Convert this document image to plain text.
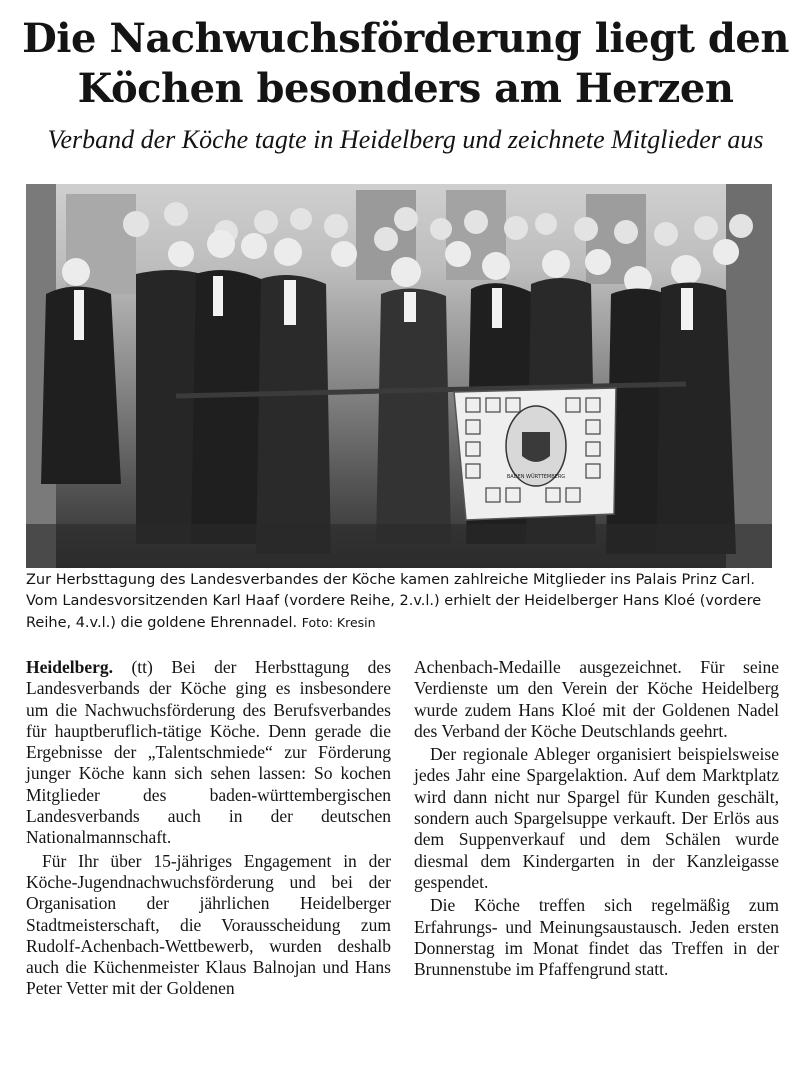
Die Nachwuchsförderung liegt den
Köchen besonders am Herzen

Verband der Köche tagte in Heidelberg und zeichnete Mitglieder aus

BADEN WÜRTTEMBERG

Zur Herbsttagung des Landesverbandes der Köche kamen zahlreiche Mitglieder ins Palais Prinz Carl. Vom Landesvorsitzenden Karl Haaf (vordere Reihe, 2.v.l.) erhielt der Heidelberger Hans Kloé (vordere Reihe, 4.v.l.) die goldene Ehrennadel. Foto: Kresin

Heidelberg. (tt) Bei der Herbsttagung des Landesverbands der Köche ging es insbesondere um die Nachwuchsförderung des Berufsverbandes für hauptberuflich-tätige Köche. Denn gerade die Ergebnisse der „Talentschmiede“ zur Förderung junger Köche kann sich sehen lassen: So kochen Mitglieder des baden-württembergischen Landesverbands auch in der deutschen Nationalmannschaft.

Für Ihr über 15-jähriges Engagement in der Köche-Jugendnachwuchsförderung und bei der Organisation der jährlichen Heidelberger Stadtmeisterschaft, die Vorausscheidung zum Rudolf-Achenbach-Wettbewerb, wurden deshalb auch die Küchenmeister Klaus Balnojan und Hans Peter Vetter mit der Goldenen

Achenbach-Medaille ausgezeichnet. Für seine Verdienste um den Verein der Köche Heidelberg wurde zudem Hans Kloé mit der Goldenen Nadel des Verband der Köche Deutschlands geehrt.

Der regionale Ableger organisiert beispielsweise jedes Jahr eine Spargelaktion. Auf dem Marktplatz wird dann nicht nur Spargel für Kunden geschält, sondern auch Spargelsuppe verkauft. Der Erlös aus dem Suppenverkauf und dem Schälen wurde diesmal dem Kindergarten in der Kanzleigasse gespendet.

Die Köche treffen sich regelmäßig zum Erfahrungs- und Meinungsaustausch. Jeden ersten Donnerstag im Monat findet das Treffen in der Brunnenstube im Pfaffengrund statt.
